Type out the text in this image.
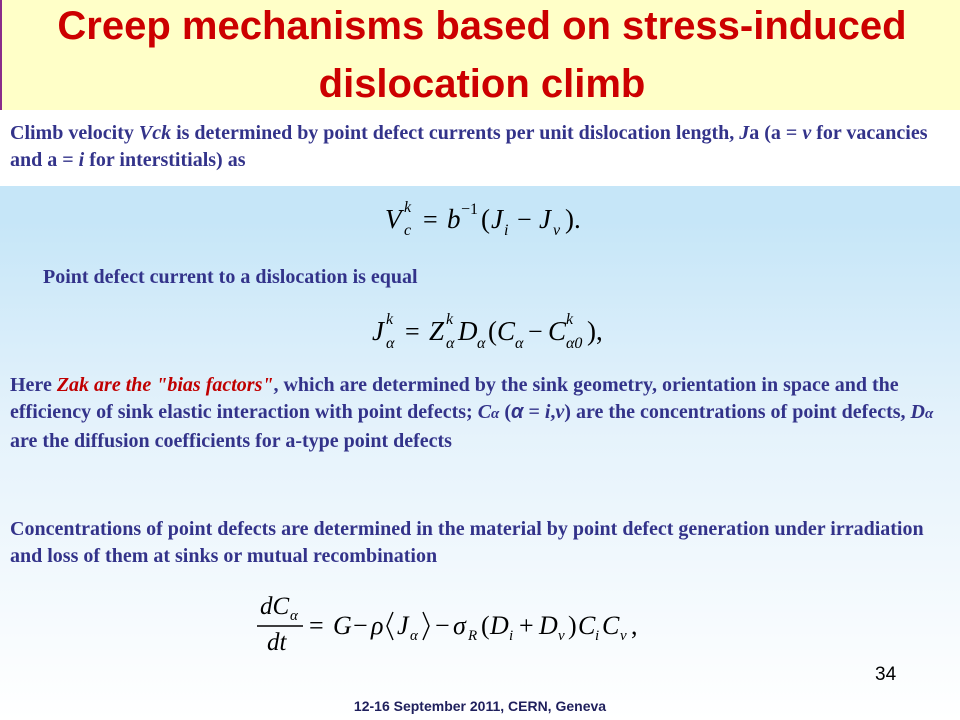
Creep mechanisms based on stress-induced
dislocation climb
Climb velocity Vck is determined by point defect currents per unit dislocation length, Ja (a = v for vacancies and a = i for interstitials) as
V k
c = b −1 ( J i − J ν ).
Point defect current to a dislocation is equal
J k
α = Z k
α D α ( C α − C k
α0 ),
Here Zak are the "bias factors", which are determined by the sink geometry, orientation in space and the efficiency of sink elastic interaction with point defects; Cα (α = i,v) are the concentrations of point defects, Dα are the diffusion coefficients for a-type point defects
Concentrations of point defects are determined in the material by point defect generation under irradiation and loss of them at sinks or mutual recombination
dC α
dt
= G − ρ J α − σ R ( D i + D ν ) C i C ν ,
34
12-16 September 2011, CERN, Geneva
